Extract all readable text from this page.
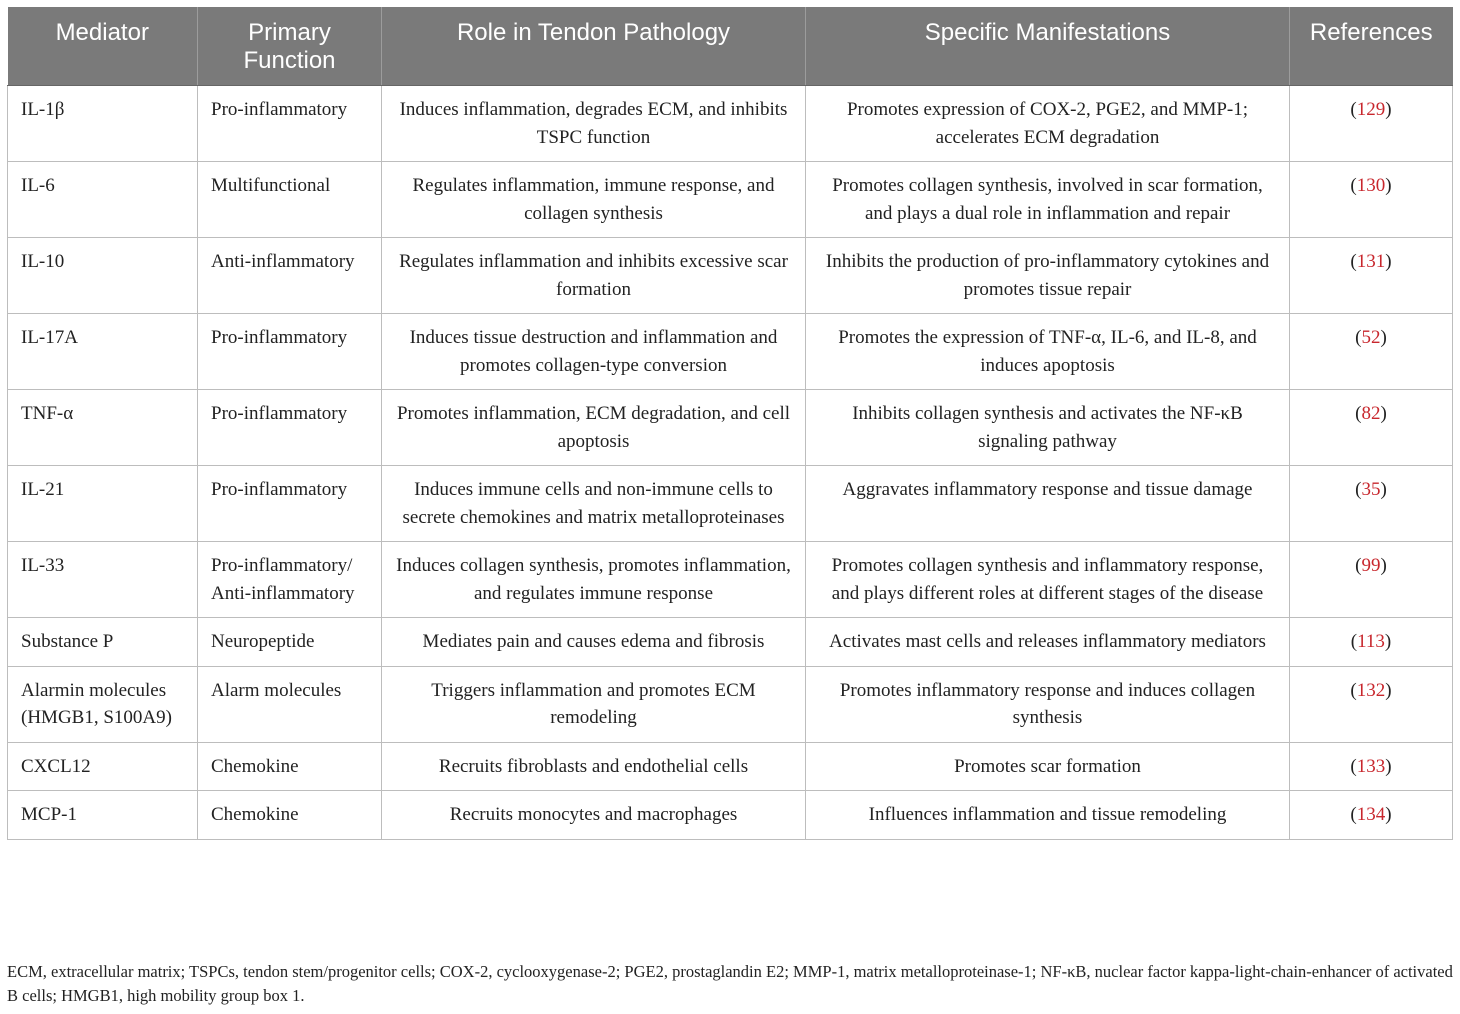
Mediator	Primary Function	Role in Tendon Pathology	Specific Manifestations	References
IL-1β	Pro-inflammatory	Induces inflammation, degrades ECM, and inhibits TSPC function	Promotes expression of COX-2, PGE2, and MMP-1; accelerates ECM degradation	(129)
IL-6	Multifunctional	Regulates inflammation, immune response, and collagen synthesis	Promotes collagen synthesis, involved in scar formation, and plays a dual role in inflammation and repair	(130)
IL-10	Anti-inflammatory	Regulates inflammation and inhibits excessive scar formation	Inhibits the production of pro-inflammatory cytokines and promotes tissue repair	(131)
IL-17A	Pro-inflammatory	Induces tissue destruction and inflammation and promotes collagen-type conversion	Promotes the expression of TNF-α, IL-6, and IL-8, and induces apoptosis	(52)
TNF-α	Pro-inflammatory	Promotes inflammation, ECM degradation, and cell apoptosis	Inhibits collagen synthesis and activates the NF-κB signaling pathway	(82)
IL-21	Pro-inflammatory	Induces immune cells and non-immune cells to secrete chemokines and matrix metalloproteinases	Aggravates inflammatory response and tissue damage	(35)
IL-33	Pro-inflammatory/ Anti-inflammatory	Induces collagen synthesis, promotes inflammation, and regulates immune response	Promotes collagen synthesis and inflammatory response, and plays different roles at different stages of the disease	(99)
Substance P	Neuropeptide	Mediates pain and causes edema and fibrosis	Activates mast cells and releases inflammatory mediators	(113)
Alarmin molecules (HMGB1, S100A9)	Alarm molecules	Triggers inflammation and promotes ECM remodeling	Promotes inflammatory response and induces collagen synthesis	(132)
CXCL12	Chemokine	Recruits fibroblasts and endothelial cells	Promotes scar formation	(133)
MCP-1	Chemokine	Recruits monocytes and macrophages	Influences inflammation and tissue remodeling	(134)

ECM, extracellular matrix; TSPCs, tendon stem/progenitor cells; COX-2, cyclooxygenase-2; PGE2, prostaglandin E2; MMP-1, matrix metalloproteinase-1; NF-κB, nuclear factor kappa-light-chain-enhancer of activated B cells; HMGB1, high mobility group box 1.
